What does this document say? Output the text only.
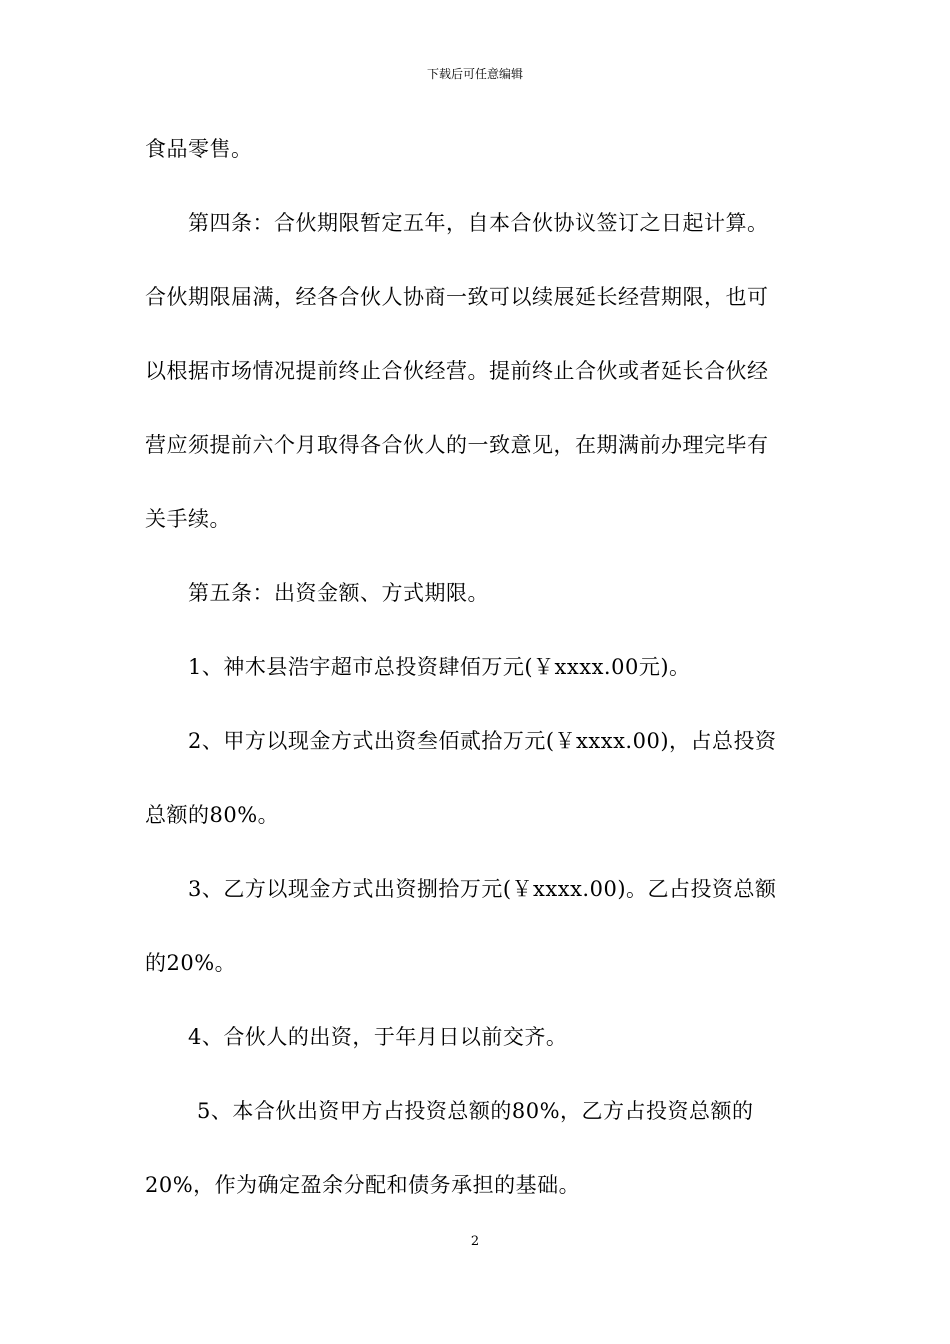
下载后可任意编辑
食品零售。
第四条：合伙期限暂定五年，自本合伙协议签订之日起计算。
合伙期限届满，经各合伙人协商一致可以续展延长经营期限，也可
以根据市场情况提前终止合伙经营。提前终止合伙或者延长合伙经
营应须提前六个月取得各合伙人的一致意见，在期满前办理完毕有
关手续。
第五条：出资金额、方式期限。
1、神木县浩宇超市总投资肆佰万元(￥xxxx.00元)。
2、甲方以现金方式出资叁佰贰拾万元(￥xxxx.00)，占总投资
总额的80%。
3、乙方以现金方式出资捌拾万元(￥xxxx.00)。乙占投资总额
的20%。
4、合伙人的出资，于年月日以前交齐。
5、本合伙出资甲方占投资总额的80%，乙方占投资总额的
20%，作为确定盈余分配和债务承担的基础。
2
